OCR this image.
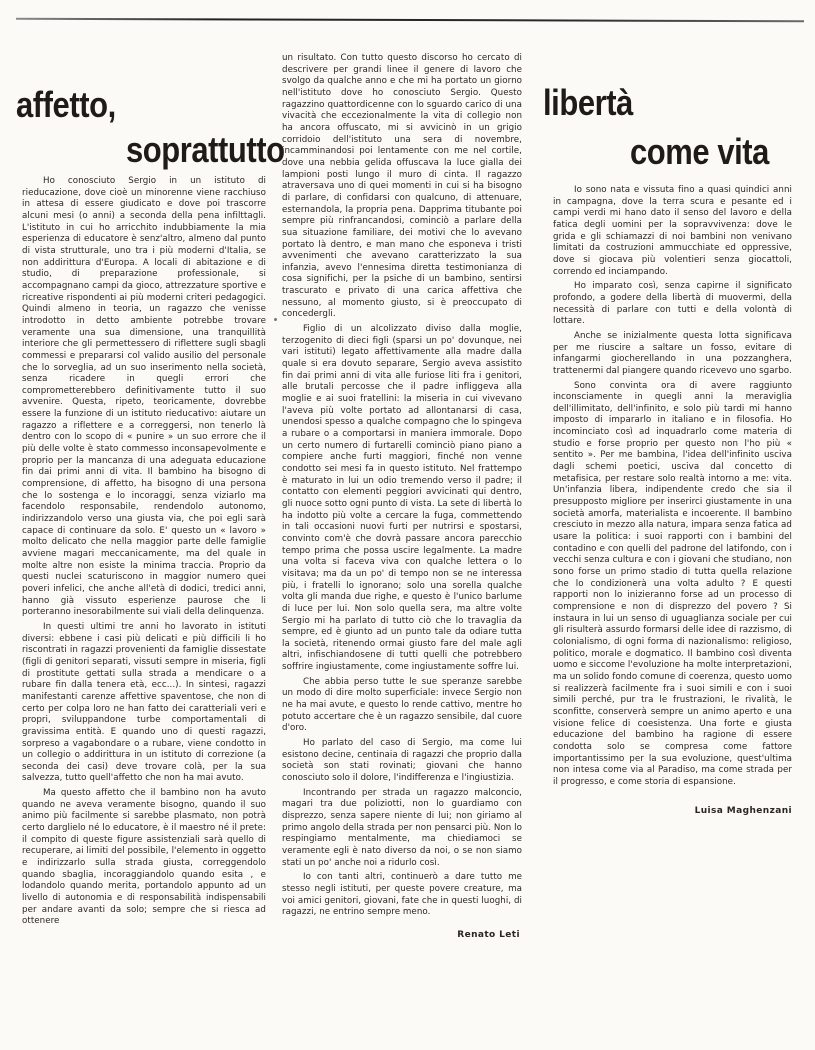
affetto,
soprattutto
libertà
come vita

Ho conosciuto Sergio in un istituto di rieducazione, dove cioè un minorenne viene racchiuso in attesa di essere giudicato e dove poi trascorre alcuni mesi (o anni) a seconda della pena infilttagli. L'istituto in cui ho arricchito indubbiamente la mia esperienza di educatore è senz'altro, almeno dal punto di vista strutturale, uno tra i più moderni d'Italia, se non addirittura d'Europa. A locali di abitazione e di studio, di preparazione professionale, si accompagnano campi da gioco, attrezzature sportive e ricreative rispondenti ai più moderni criteri pedagogici. Quindi almeno in teoria, un ragazzo che venisse introdotto in detto ambiente potrebbe trovare veramente una sua dimensione, una tranquillità interiore che gli permettessero di riflettere sugli sbagli commessi e prepararsi col valido ausilio del personale che lo sorveglia, ad un suo inserimento nella società, senza ricadere in quegli errori che comprometterebbero definitivamente tutto il suo avvenire. Questa, ripeto, teoricamente, dovrebbe essere la funzione di un istituto rieducativo: aiutare un ragazzo a riflettere e a correggersi, non tenerlo là dentro con lo scopo di « punire » un suo errore che il più delle volte è stato commesso inconsapevolmente e proprio per la mancanza di una adeguata educazione fin dai primi anni di vita. Il bambino ha bisogno di comprensione, di affetto, ha bisogno di una persona che lo sostenga e lo incoraggi, senza viziarlo ma facendolo responsabile, rendendolo autonomo, indirizzandolo verso una giusta via, che poi egli sarà capace di continuare da solo. E' questo un « lavoro » molto delicato che nella maggior parte delle famiglie avviene magari meccanicamente, ma del quale in molte altre non esiste la minima traccia. Proprio da questi nuclei scaturiscono in maggior numero quei poveri infelici, che anche all'età di dodici, tredici anni, hanno già vissuto esperienze paurose che li porteranno inesorabilmente sui viali della delinquenza.

In questi ultimi tre anni ho lavorato in istituti diversi: ebbene i casi più delicati e più difficili li ho riscontrati in ragazzi provenienti da famiglie dissestate (figli di genitori separati, vissuti sempre in miseria, figli di prostitute gettati sulla strada a mendicare o a rubare fin dalla tenera età, ecc...). In sintesi, ragazzi manifestanti carenze affettive spaventose, che non di certo per colpa loro ne han fatto dei caratteriali veri e propri, sviluppandone turbe comportamentali di gravissima entità. E quando uno di questi ragazzi, sorpreso a vagabondare o a rubare, viene condotto in un collegio o addirittura in un istituto di correzione (a seconda dei casi) deve trovare colà, per la sua salvezza, tutto quell'affetto che non ha mai avuto.

Ma questo affetto che il bambino non ha avuto quando ne aveva veramente bisogno, quando il suo animo più facilmente si sarebbe plasmato, non potrà certo darglielo né lo educatore, è il maestro né il prete: il compito di queste figure assistenziali sarà quello di recuperare, ai limiti del possibile, l'elemento in oggetto e indirizzarlo sulla strada giusta, correggendolo quando sbaglia, incoraggiandolo quando esita , e lodandolo quando merita, portandolo appunto ad un livello di autonomia e di responsabilità indispensabili per andare avanti da solo; sempre che si riesca ad ottenere

un risultato. Con tutto questo discorso ho cercato di descrivere per grandi linee il genere di lavoro che svolgo da qualche anno e che mi ha portato un giorno nell'istituto dove ho conosciuto Sergio. Questo ragazzino quattordicenne con lo sguardo carico di una vivacità che eccezionalmente la vita di collegio non ha ancora offuscato, mi si avvicinò in un grigio corridoio dell'istituto una sera di novembre, incamminandosi poi lentamente con me nel cortile, dove una nebbia gelida offuscava la luce gialla dei lampioni posti lungo il muro di cinta. Il ragazzo atraversava uno di quei momenti in cui si ha bisogno di parlare, di confidarsi con qualcuno, di attenuare, esternandola, la propria pena. Dapprima titubante poi sempre più rinfrancandosi, cominciò a parlare della sua situazione familiare, dei motivi che lo avevano portato là dentro, e man mano che esponeva i tristi avvenimenti che avevano caratterizzato la sua infanzia, avevo l'ennesima diretta testimonianza di cosa significhi, per la psiche di un bambino, sentirsi trascurato e privato di una carica affettiva che nessuno, al momento giusto, si è preoccupato di concedergli.

Figlio di un alcolizzato diviso dalla moglie, terzogenito di dieci figli (sparsi un po' dovunque, nei vari istituti) legato affettivamente alla madre dalla quale si era dovuto separare, Sergio aveva assistito fin dai primi anni di vita alle furiose liti fra i genitori, alle brutali percosse che il padre infliggeva alla moglie e ai suoi fratellini: la miseria in cui vivevano l'aveva più volte portato ad allontanarsi di casa, unendosi spesso a qualche compagno che lo spingeva a rubare o a comportarsi in maniera immorale. Dopo un certo numero di furtarelli cominciò piano piano a compiere anche furti maggiori, finché non venne condotto sei mesi fa in questo istituto. Nel frattempo è maturato in lui un odio tremendo verso il padre; il contatto con elementi peggiori avvicinati qui dentro, gli nuoce sotto ogni punto di vista. La sete di libertà lo ha indotto più volte a cercare la fuga, commettendo in tali occasioni nuovi furti per nutrirsi e spostarsi, convinto com'è che dovrà passare ancora parecchio tempo prima che possa uscire legalmente. La madre una volta si faceva viva con qualche lettera o lo visitava; ma da un po' di tempo non se ne interessa più, i fratelli lo ignorano; solo una sorella qualche volta gli manda due righe, e questo è l'unico barlume di luce per lui. Non solo quella sera, ma altre volte Sergio mi ha parlato di tutto ciò che lo travaglia da sempre, ed è giunto ad un punto tale da odiare tutta la società, ritenendo ormai giusto fare del male agli altri, infischiandosene di tutti quelli che potrebbero soffrire ingiustamente, come ingiustamente soffre lui.

Che abbia perso tutte le sue speranze sarebbe un modo di dire molto superficiale: invece Sergio non ne ha mai avute, e questo lo rende cattivo, mentre ho potuto accertare che è un ragazzo sensibile, dal cuore d'oro.

Ho parlato del caso di Sergio, ma come lui esistono decine, centinaia di ragazzi che proprio dalla società son stati rovinati; giovani che hanno conosciuto solo il dolore, l'indifferenza e l'ingiustizia.

Incontrando per strada un ragazzo malconcio, magari tra due poliziotti, non lo guardiamo con disprezzo, senza sapere niente di lui; non giriamo al primo angolo della strada per non pensarci più. Non lo respingiamo mentalmente, ma chiediamoci se veramente egli è nato diverso da noi, o se non siamo stati un po' anche noi a ridurlo così.

Io con tanti altri, continuerò a dare tutto me stesso negli istituti, per queste povere creature, ma voi amici genitori, giovani, fate che in questi luoghi, di ragazzi, ne entrino sempre meno.

Renato Leti

Io sono nata e vissuta fino a quasi quindici anni in campagna, dove la terra scura e pesante ed i campi verdi mi hano dato il senso del lavoro e della fatica degli uomini per la sopravvivenza: dove le grida e gli schiamazzi di noi bambini non venivano limitati da costruzioni ammucchiate ed oppressive, dove si giocava più volentieri senza giocattoli, correndo ed inciampando.

Ho imparato così, senza capirne il significato profondo, a godere della libertà di muovermi, della necessità di parlare con tutti e della volontà di lottare.

Anche se inizialmente questa lotta significava per me riuscire a saltare un fosso, evitare di infangarmi giocherellando in una pozzanghera, trattenermi dal piangere quando ricevevo uno sgarbo.

Sono convinta ora di avere raggiunto inconsciamente in quegli anni la meraviglia dell'illimitato, dell'infinito, e solo più tardi mi hanno imposto di impararlo in italiano e in filosofia. Ho incominciato così ad inquadrarlo come materia di studio e forse proprio per questo non l'ho più « sentito ». Per me bambina, l'idea dell'infinito usciva dagli schemi poetici, usciva dal concetto di metafisica, per restare solo realtà intorno a me: vita. Un'infanzia libera, indipendente credo che sia il presupposto migliore per inserirci giustamente in una società amorfa, materialista e incoerente. Il bambino cresciuto in mezzo alla natura, impara senza fatica ad usare la politica: i suoi rapporti con i bambini del contadino e con quelli del padrone del latifondo, con i vecchi senza cultura e con i giovani che studiano, non sono forse un primo stadio di tutta quella relazione che lo condizionerà una volta adulto ? E questi rapporti non lo inizieranno forse ad un processo di comprensione e non di disprezzo del povero ? Si instaura in lui un senso di uguaglianza sociale per cui gli risulterà assurdo formarsi delle idee di razzismo, di colonialismo, di ogni forma di nazionalismo: religioso, politico, morale e dogmatico. Il bambino così diventa uomo e siccome l'evoluzione ha molte interpretazioni, ma un solido fondo comune di coerenza, questo uomo si realizzerà facilmente fra i suoi simili e con i suoi simili perché, pur tra le frustrazioni, le rivalità, le sconfitte, conserverà sempre un animo aperto e una visione felice di coesistenza. Una forte e giusta educazione del bambino ha ragione di essere condotta solo se compresa come fattore importantissimo per la sua evoluzione, quest'ultima non intesa come via al Paradiso, ma come strada per il progresso, e come storia di espansione.

Luisa Maghenzani
